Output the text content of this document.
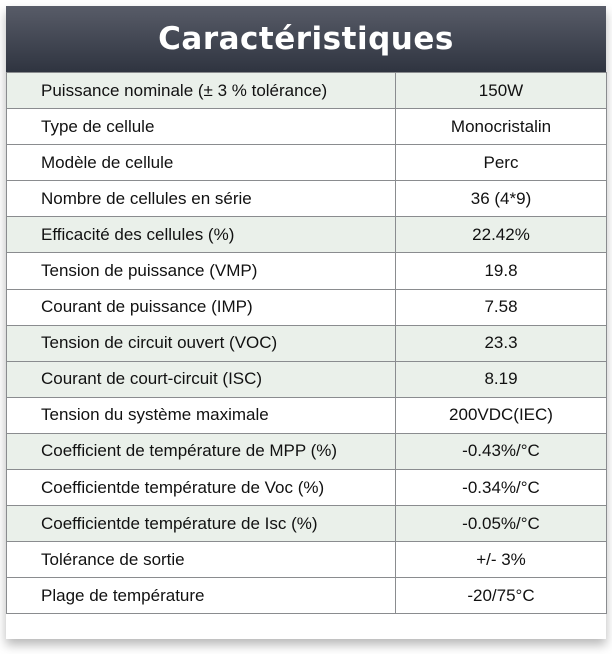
Caractéristiques
Puissance nominale (± 3 % tolérance)	150W
Type de cellule	Monocristalin
Modèle de cellule	Perc
Nombre de cellules en série	36 (4*9)
Efficacité des cellules (%)	22.42%
Tension de puissance (VMP)	19.8
Courant de puissance (IMP)	7.58
Tension de circuit ouvert (VOC)	23.3
Courant de court-circuit (ISC)	8.19
Tension du système maximale	200VDC(IEC)
Coefficient de température de MPP (%)	-0.43%/°C
Coefficientde température de Voc (%)	-0.34%/°C
Coefficientde température de Isc (%)	-0.05%/°C
Tolérance de sortie	+/- 3%
Plage de température	-20/75°C
